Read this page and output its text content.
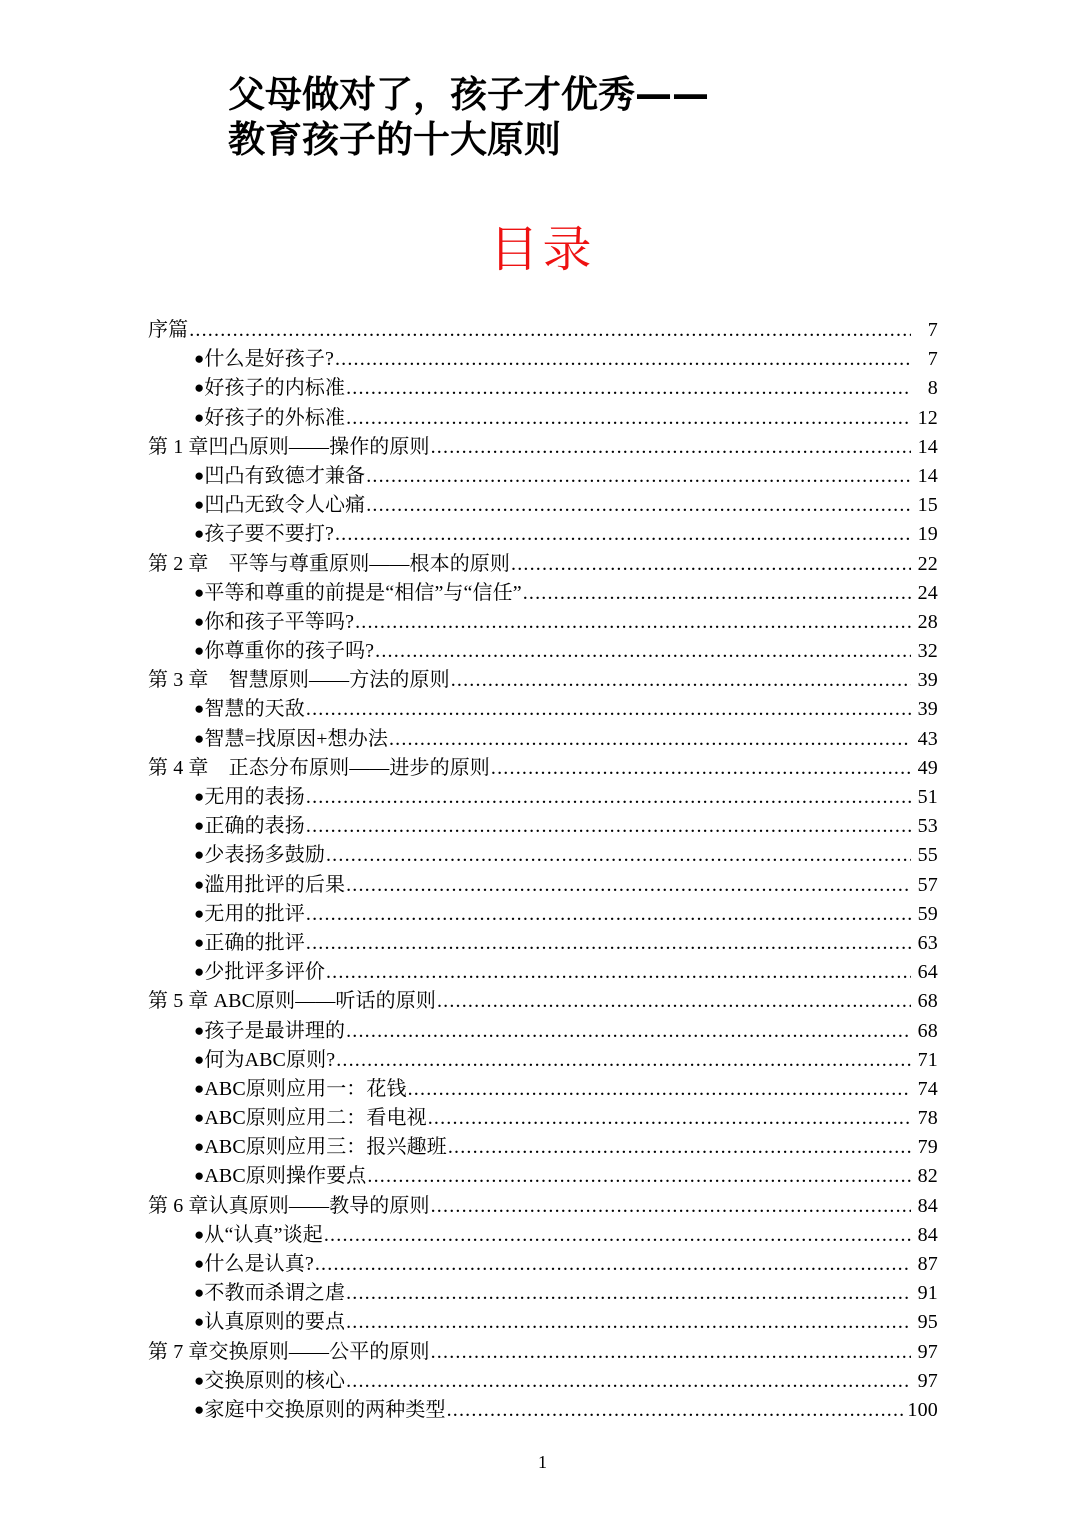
父母做对了，孩子才优秀——
教育孩子的十大原则
目录
序篇 .....	7
●什么是好孩子? .....	7
●好孩子的内标准 .....	8
●好孩子的外标准 .....	12
第 1 章凹凸原则——操作的原则 .....	14
●凹凸有致德才兼备 .....	14
●凹凸无致令人心痛 .....	15
●孩子要不要打? .....	19
第 2 章　平等与尊重原则——根本的原则 .....	22
●平等和尊重的前提是“相信”与“信任” .....	24
●你和孩子平等吗? .....	28
●你尊重你的孩子吗? .....	32
第 3 章　智慧原则——方法的原则 .....	39
●智慧的天敌 .....	39
●智慧=找原因+想办法 .....	43
第 4 章　正态分布原则——进步的原则 .....	49
●无用的表扬 .....	51
●正确的表扬 .....	53
●少表扬多鼓励 .....	55
●滥用批评的后果 .....	57
●无用的批评 .....	59
●正确的批评 .....	63
●少批评多评价 .....	64
第 5 章 ABC原则——听话的原则 .....	68
●孩子是最讲理的 .....	68
●何为ABC原则? .....	71
●ABC原则应用一：花钱 .....	74
●ABC原则应用二：看电视 .....	78
●ABC原则应用三：报兴趣班 .....	79
●ABC原则操作要点 .....	82
第 6 章认真原则——教导的原则 .....	84
●从“认真”谈起 .....	84
●什么是认真? .....	87
●不教而杀谓之虐 .....	91
●认真原则的要点 .....	95
第 7 章交换原则——公平的原则 .....	97
●交换原则的核心 .....	97
●家庭中交换原则的两种类型 .....	100
1
